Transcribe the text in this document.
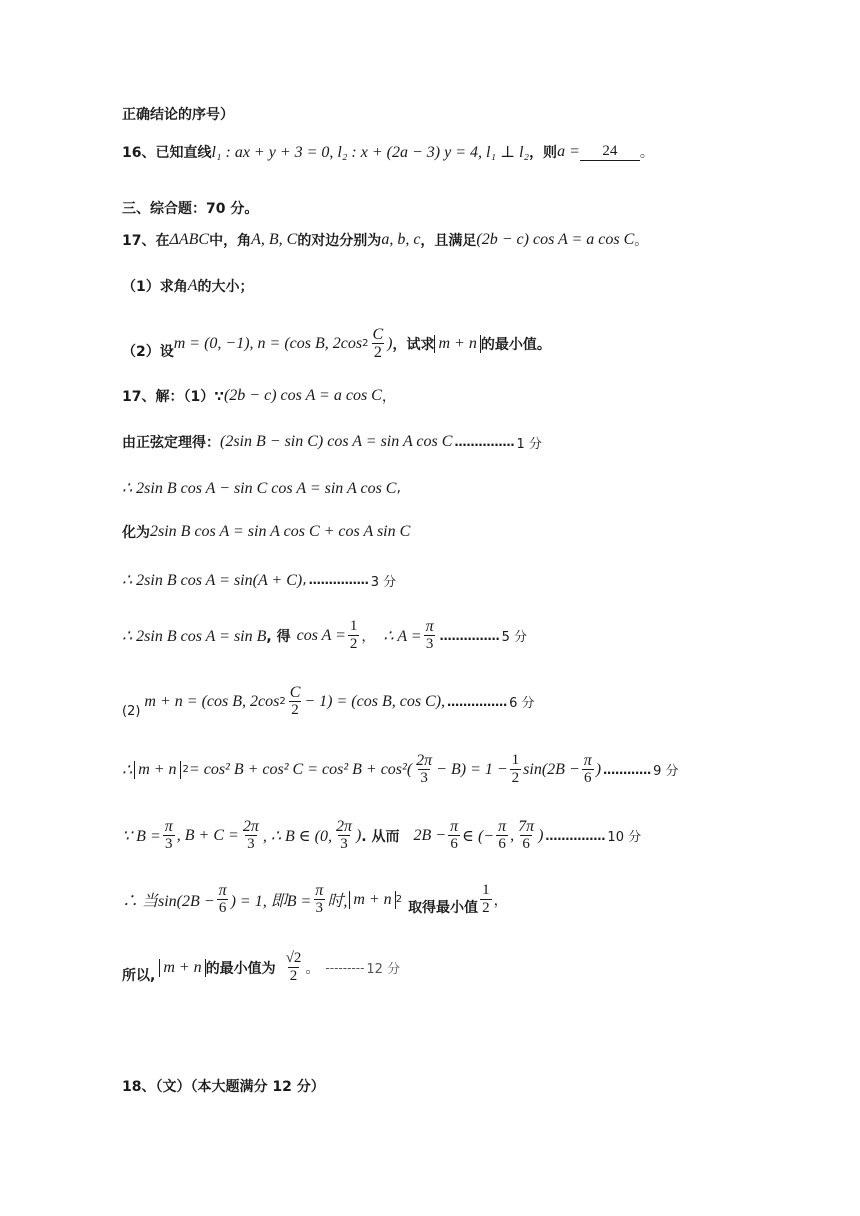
正确结论的序号）
16、已知直线 l₁ : ax + y + 3 = 0, l₂ : x + (2a − 3) y = 4, l₁ ⊥ l₂ ，则 a =	24	。
三、综合题：70 分。
17、在 ΔABC 中，角 A, B, C 的对边分别为 a, b, c ，且满足 (2b − c) cos A = a cos C 。
（1）求角 A 的大小；
（2）设
m = (0, −1), n = (cos B, 2cos $2 \frac{C}{2}$ ) ，试求 m + n 的最小值。
17、解：（1）∵ (2b − c) cos A = a cos C ，
由正弦定理得： (2sin B − sin C) cos A = sin A cos C …………… 1 分
∴ 2sin B cos A − sin C cos A = sin A cos C ,
化为 2sin B cos A = sin A cos C + cos A sin C
∴ 2sin B cos A = sin(A + C) , …………… 3 分
∴ 2sin B cos A = sin B , 得 $\cos A = \frac{1}{2}$ ， ∴ $A = \frac{\pi}{3}$ …………… 5 分
(2)
m + n = (cos B, 2cos $2 \frac{C}{2} - 1) = (\cos$ B, cos C), …………… 6 分
∴ m + n 2 = cos² B + cos² C = cos² $B + \cos^2( \frac{2\pi}{3} - B) = 1 - \frac{1}{2} \sin(2B - \frac{\pi}{6}$ ) ………… 9 分
∵ $B = \frac{\pi}{3}$ , $B + C = \frac{2\pi}{3}$ , ∴ B ∈ (0, $\frac{2\pi}{3}$ ) . 从而 $2B - \frac{\pi}{6}$ ∈ (− $\frac{\pi}{6}$ , $\frac{7\pi}{6}$ ) …………… 10 分
∴ 当$\sin(2B - \frac{\pi}{6}$ ) = 1, 即$B = \frac{\pi}{3}$ 时, m + n 2
取得最小值 $\frac{1}{2}$ ，
所以,
m + n 的最小值为 $\frac{√2}{2}$ 。 --------- 12 分
18、（文）（本大题满分 12 分）
